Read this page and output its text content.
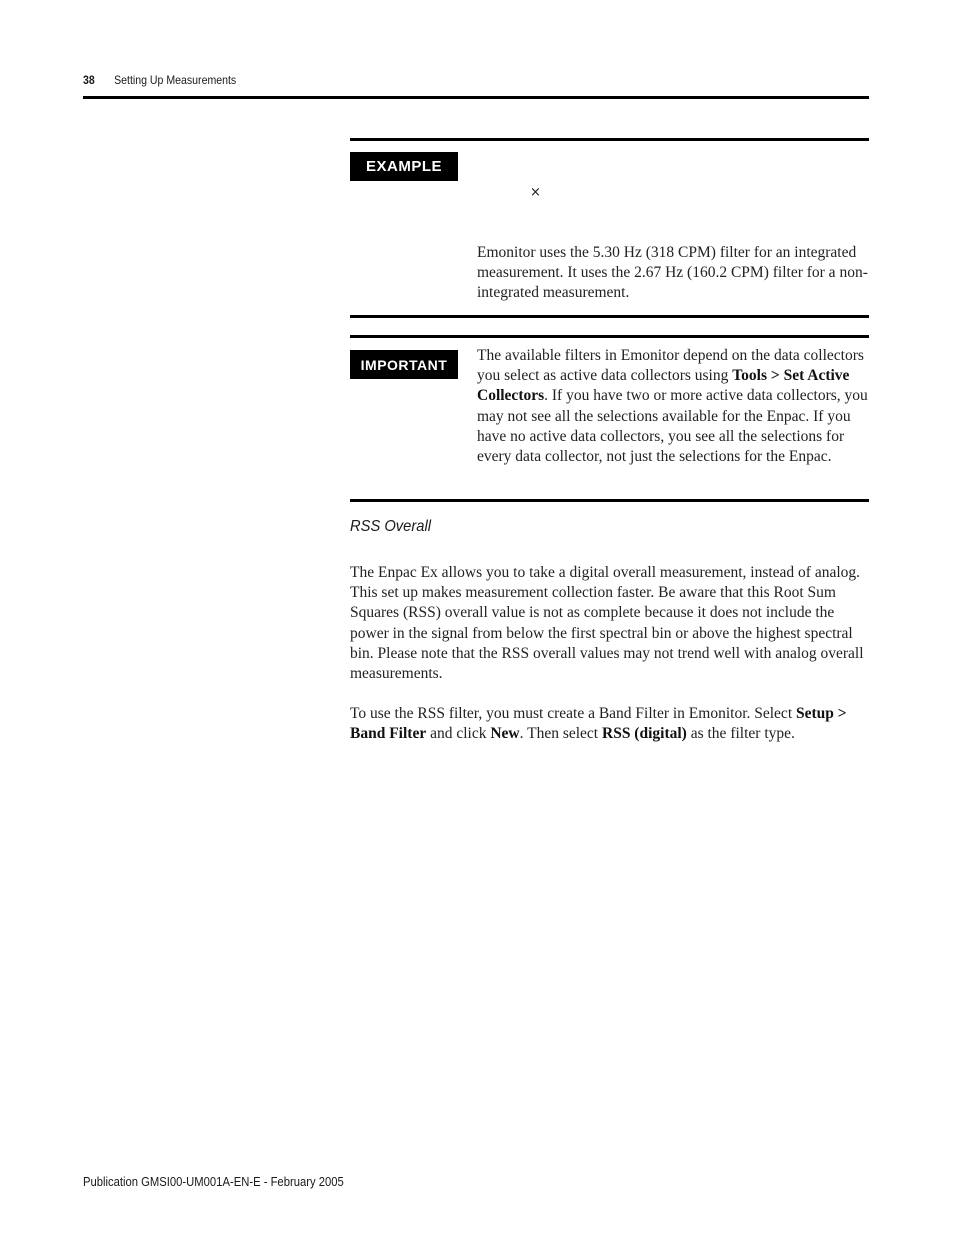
38 Setting Up Measurements
EXAMPLE
×
Emonitor uses the 5.30 Hz (318 CPM) filter for an integrated measurement. It uses the 2.67 Hz (160.2 CPM) filter for a non-integrated measurement.
IMPORTANT
The available filters in Emonitor depend on the data collectors you select as active data collectors using Tools > Set Active Collectors. If you have two or more active data collectors, you may not see all the selections available for the Enpac. If you have no active data collectors, you see all the selections for every data collector, not just the selections for the Enpac.
RSS Overall
The Enpac Ex allows you to take a digital overall measurement, instead of analog. This set up makes measurement collection faster. Be aware that this Root Sum Squares (RSS) overall value is not as complete because it does not include the power in the signal from below the first spectral bin or above the highest spectral bin. Please note that the RSS overall values may not trend well with analog overall measurements.
To use the RSS filter, you must create a Band Filter in Emonitor. Select Setup > Band Filter and click New. Then select RSS (digital) as the filter type.
Publication GMSI00-UM001A-EN-E - February 2005
